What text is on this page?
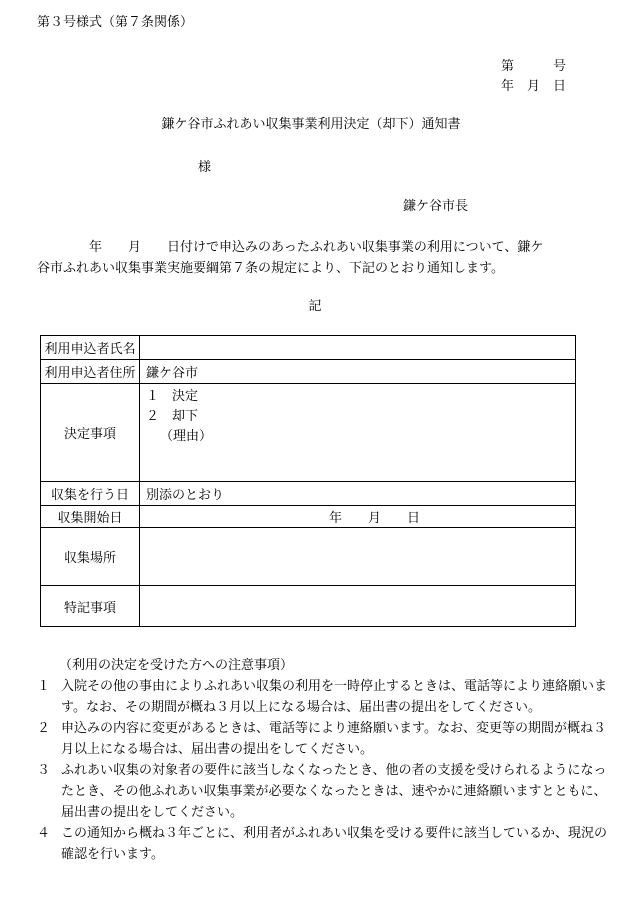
第３号様式（第７条関係）
第　　　号
年　月　日
鎌ケ谷市ふれあい収集事業利用決定（却下）通知書
様
鎌ケ谷市長

　　　　年　　月　　日付けで申込みのあったふれあい収集事業の利用について、鎌ケ

谷市ふれあい収集事業実施要綱第７条の規定により、下記のとおり通知します。

記
利用申込者氏名	
利用申込者住所	鎌ケ谷市
決定事項	１　決定
２　却下
（理由）

収集を行う日	別添のとおり
収集開始日	年　　月　　日
収集場所	
特記事項	

（利用の決定を受けた方への注意事項）

１ 入院その他の事由によりふれあい収集の利用を一時停止するときは、電話等により連絡願います。なお、その期間が概ね３月以上になる場合は、届出書の提出をしてください。
２ 申込みの内容に変更があるときは、電話等により連絡願います。なお、変更等の期間が概ね３月以上になる場合は、届出書の提出をしてください。
３ ふれあい収集の対象者の要件に該当しなくなったとき、他の者の支援を受けられるようになったとき、その他ふれあい収集事業が必要なくなったときは、速やかに連絡願いますとともに、届出書の提出をしてください。
４ この通知から概ね３年ごとに、利用者がふれあい収集を受ける要件に該当しているか、現況の確認を行います。
